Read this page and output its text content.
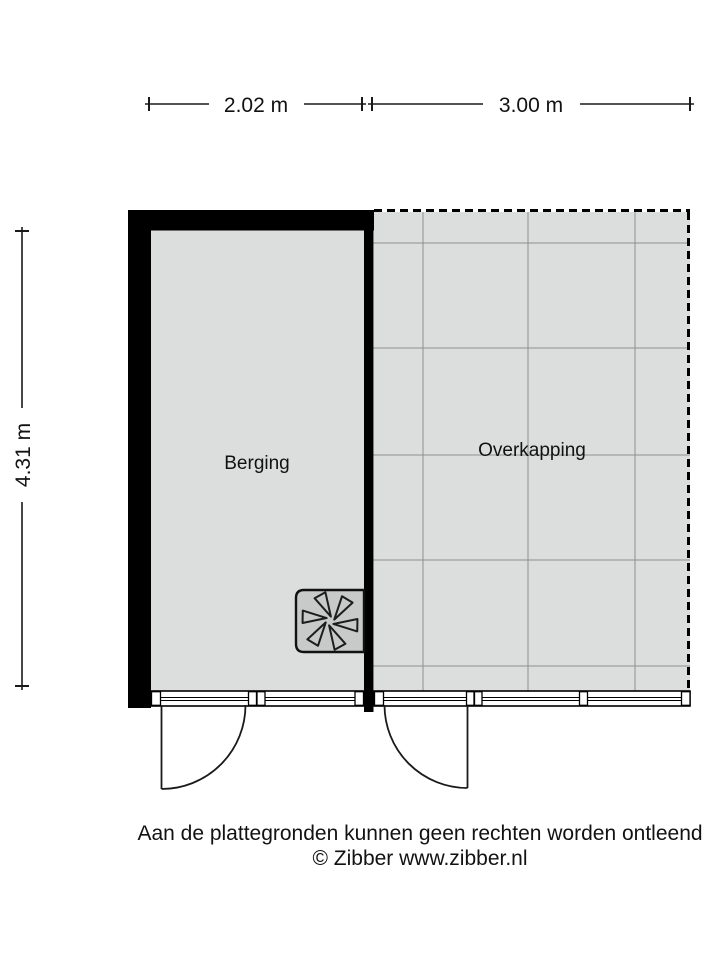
Berging
Overkapping
2.02 m	3.00 m
4.31 m
Aan de plattegronden kunnen geen rechten worden ontleend
© Zibber www.zibber.nl
